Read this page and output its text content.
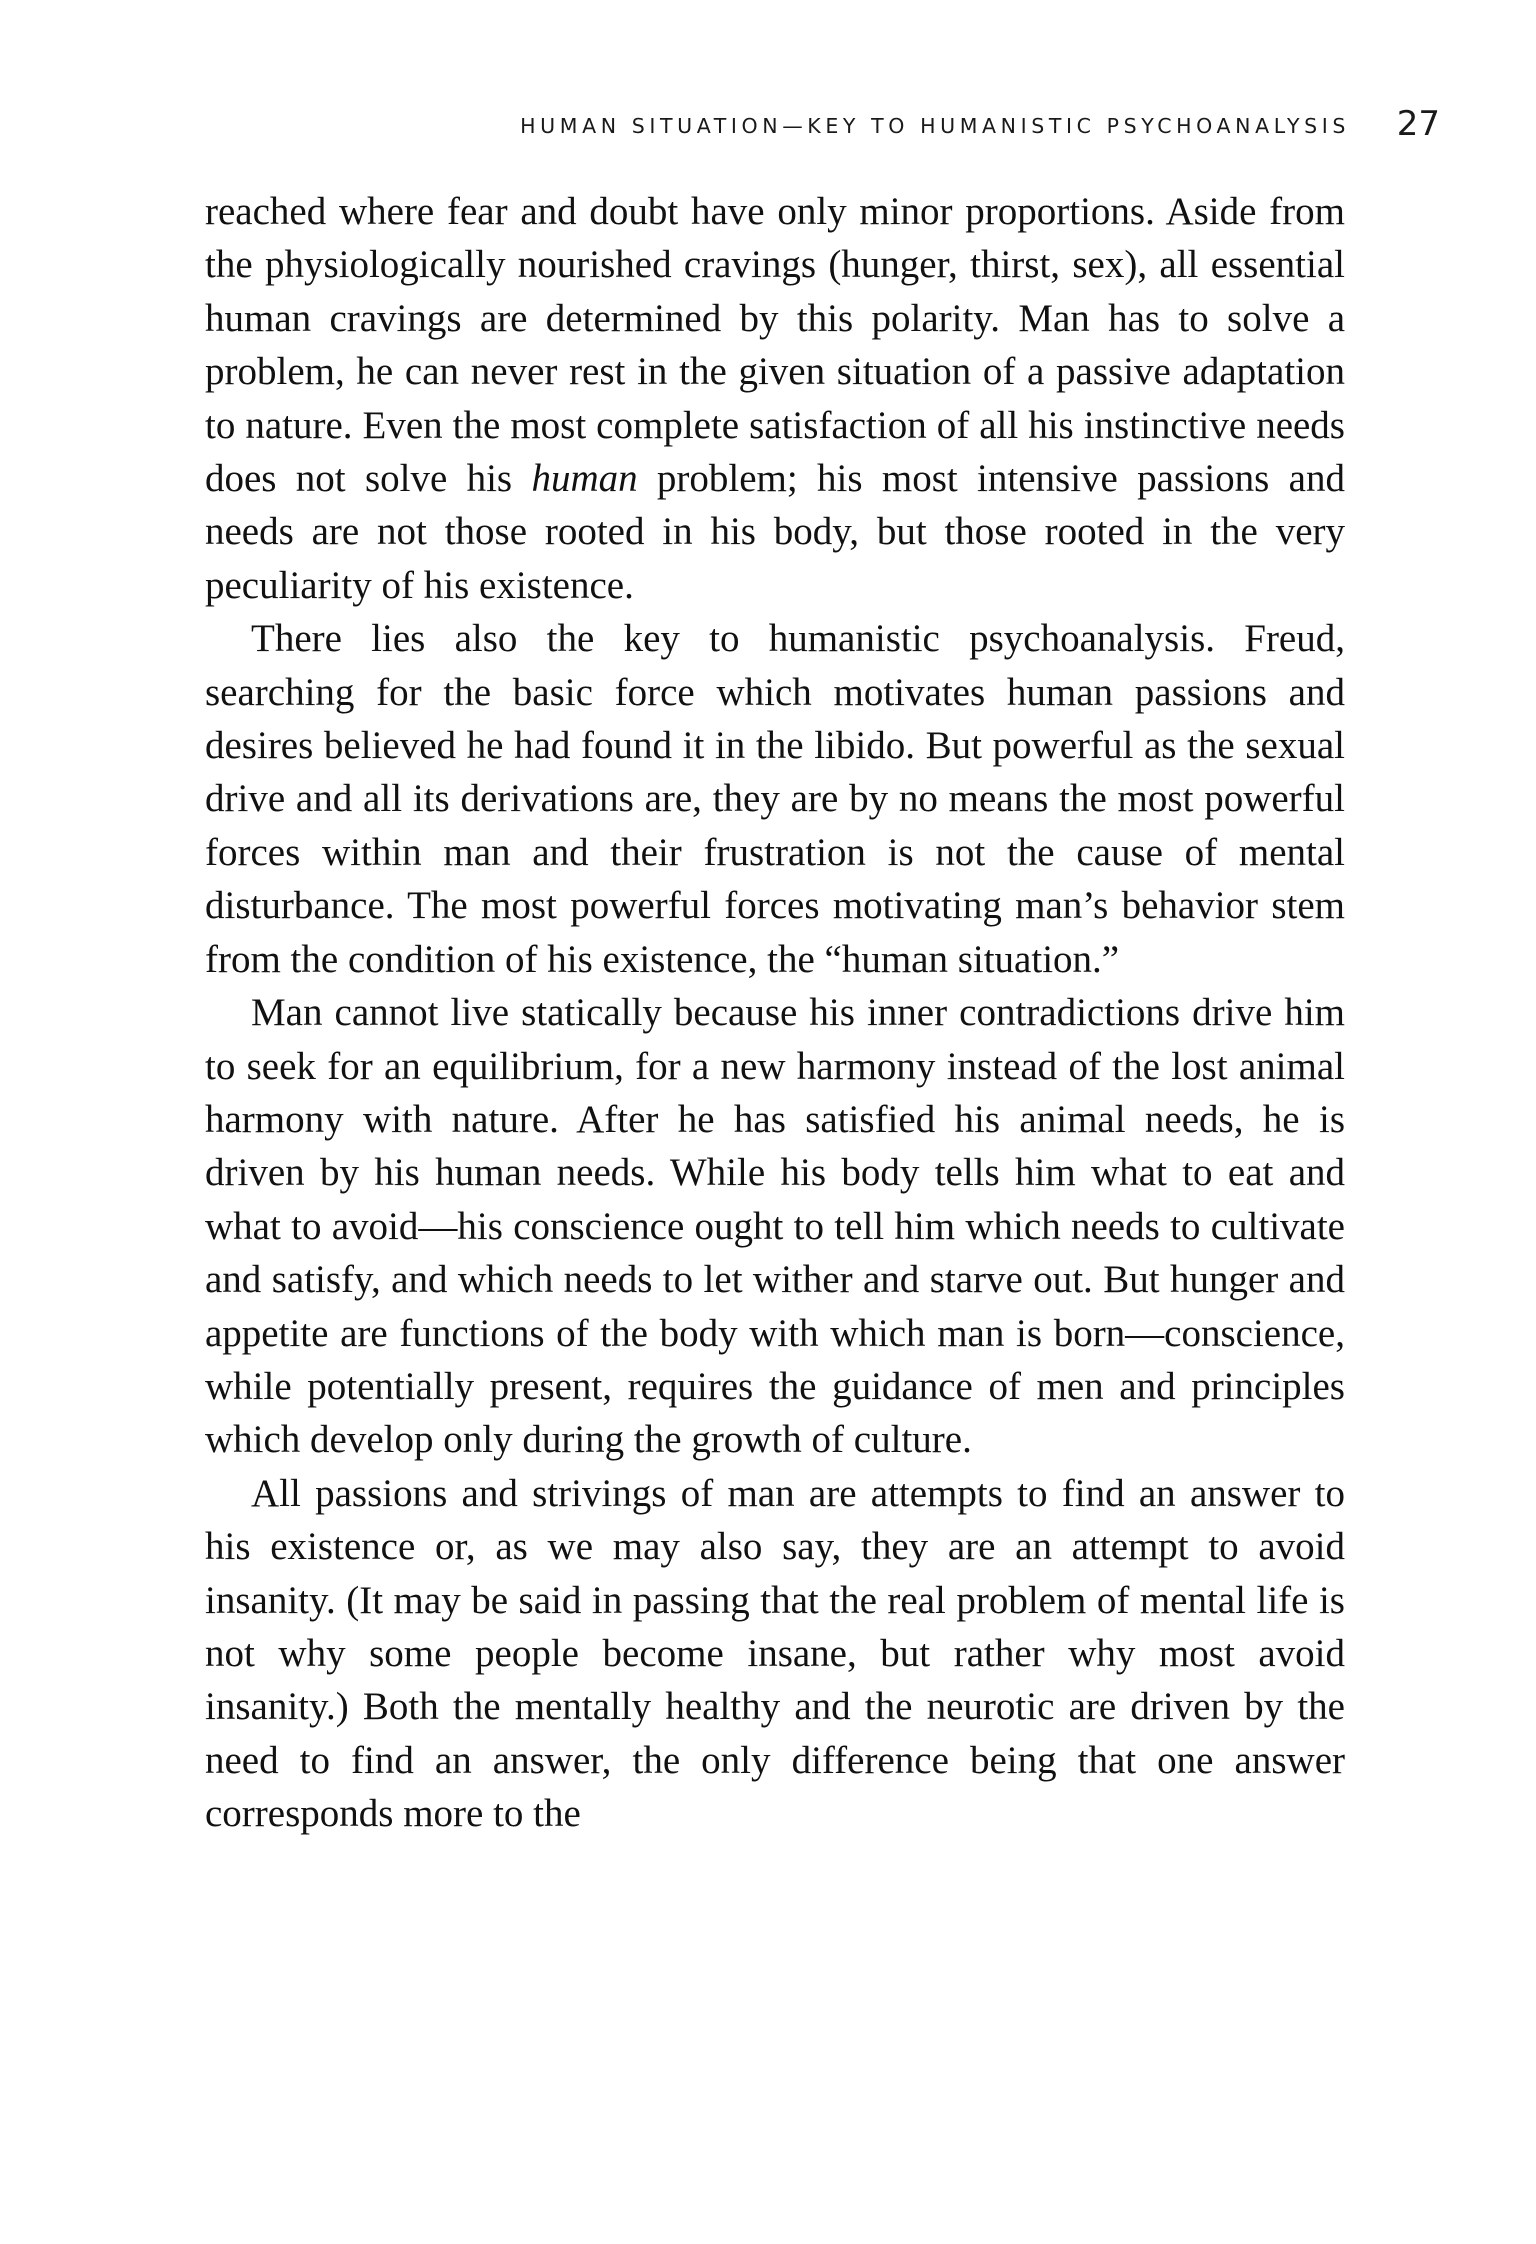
HUMAN SITUATION—KEY TO HUMANISTIC PSYCHOANALYSIS 27

reached where fear and doubt have only minor proportions. Aside from the physiologically nourished cravings (hunger, thirst, sex), all essential human cravings are determined by this polarity. Man has to solve a problem, he can never rest in the given situation of a passive adaptation to nature. Even the most complete satisfaction of all his instinctive needs does not solve his human problem; his most intensive passions and needs are not those rooted in his body, but those rooted in the very peculiarity of his existence.

There lies also the key to humanistic psychoanalysis. Freud, searching for the basic force which motivates human passions and desires believed he had found it in the libido. But powerful as the sexual drive and all its derivations are, they are by no means the most powerful forces within man and their frustration is not the cause of mental disturbance. The most powerful forces motivating man’s behavior stem from the condition of his existence, the “human situation.”

Man cannot live statically because his inner contradictions drive him to seek for an equilibrium, for a new harmony instead of the lost animal harmony with nature. After he has satisfied his animal needs, he is driven by his human needs. While his body tells him what to eat and what to avoid—his conscience ought to tell him which needs to cultivate and satisfy, and which needs to let wither and starve out. But hunger and appetite are functions of the body with which man is born—conscience, while potentially present, requires the guidance of men and principles which develop only during the growth of culture.

All passions and strivings of man are attempts to find an answer to his existence or, as we may also say, they are an attempt to avoid insanity. (It may be said in passing that the real problem of mental life is not why some people become insane, but rather why most avoid insanity.) Both the mentally healthy and the neurotic are driven by the need to find an answer, the only difference being that one answer corresponds more to the
